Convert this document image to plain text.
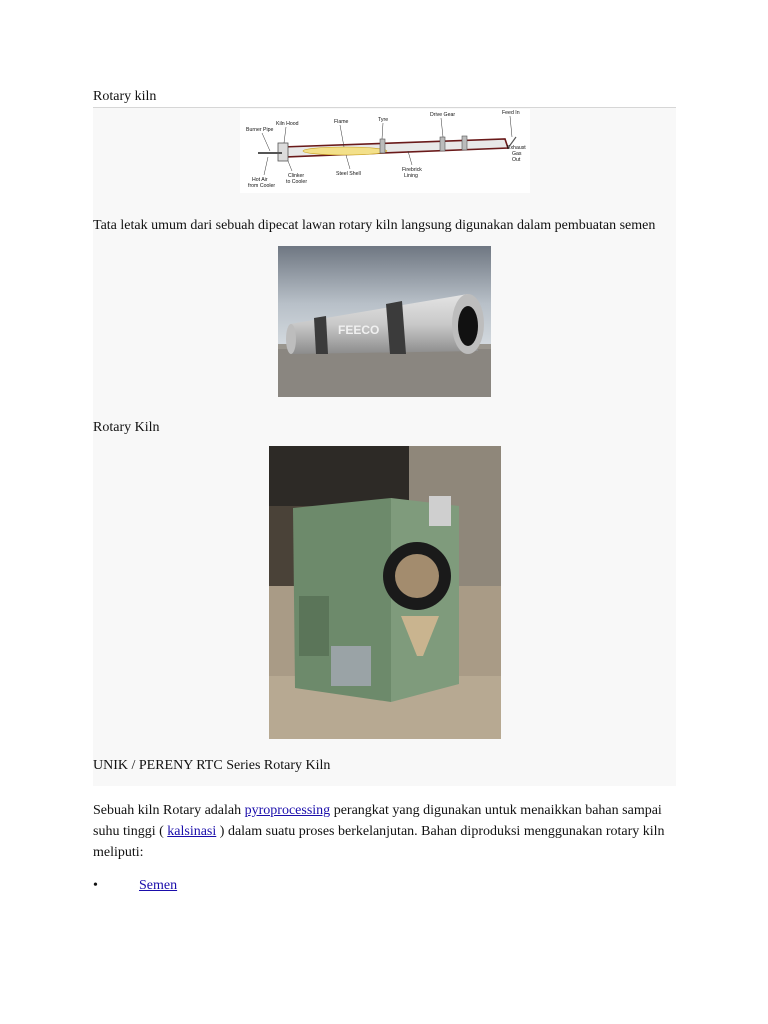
Rotary kiln
Burner Pipe
Kiln Hood	Flame	Tyre
Drive Gear	Feed In
Exhaust
Gas
Out
Hot Air
from Cooler
Clinker
to Cooler
Steel Shell
Firebrick
Lining

Tata letak umum dari sebuah dipecat lawan rotary kiln langsung digunakan dalam pembuatan semen

FEECO
Rotary Kiln
UNIK / PERENY RTC Series Rotary Kiln

Sebuah kiln Rotary adalah pyroprocessing perangkat yang digunakan untuk menaikkan bahan sampai suhu tinggi ( kalsinasi ) dalam suatu proses berkelanjutan. Bahan diproduksi menggunakan rotary kiln meliputi:

•	Semen
